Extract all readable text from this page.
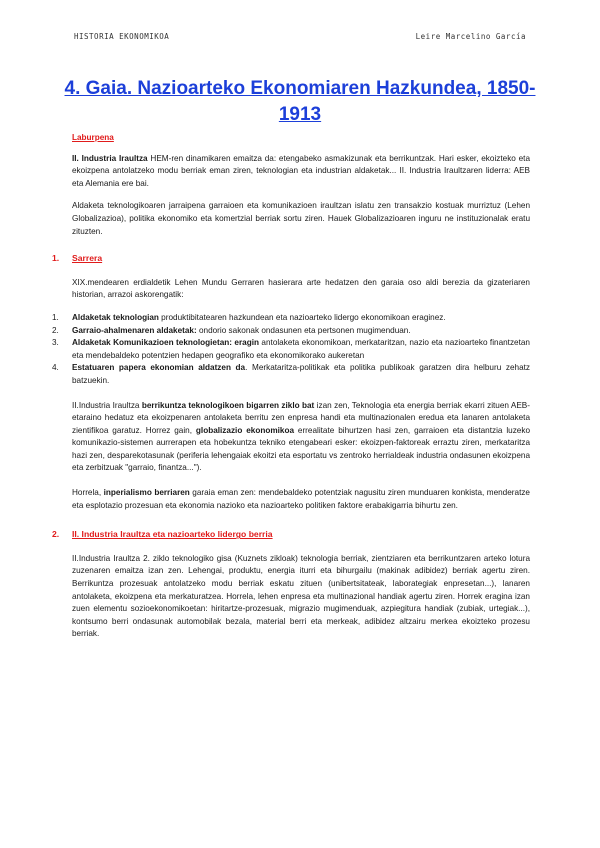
HISTORIA EKONOMIKOA	Leire Marcelino García
4. Gaia. Nazioarteko Ekonomiaren Hazkundea, 1850-1913

Laburpena

II. Industria Iraultza HEM-ren dinamikaren emaitza da: etengabeko asmakizunak eta berrikuntzak. Hari esker, ekoizteko eta ekoizpena antolatzeko modu berriak eman ziren, teknologian eta industrian aldaketak... II. Industria Iraultzaren liderra: AEB eta Alemania ere bai.

Aldaketa teknologikoaren jarraipena garraioen eta komunikazioen iraultzan islatu zen transakzio kostuak murriztuz (Lehen Globalizazioa), politika ekonomiko eta komertzial berriak sortu ziren. Hauek Globalizazioaren inguru ne instituzionalak eratu zituzten.

1. Sarrera

XIX.mendearen erdialdetik Lehen Mundu Gerraren hasierara arte hedatzen den garaia oso aldi berezia da gizateriaren historian, arrazoi askorengatik:

1. Aldaketak teknologian produktibitatearen hazkundean eta nazioarteko lidergo ekonomikoan eraginez.
2. Garraio-ahalmenaren aldaketak: ondorio sakonak ondasunen eta pertsonen mugimenduan.
3. Aldaketak Komunikazioen teknologietan: eragin antolaketa ekonomikoan, merkataritzan, nazio eta nazioarteko finantzetan eta mendebaldeko potentzien hedapen geografiko eta ekonomikorako aukeretan
4. Estatuaren papera ekonomian aldatzen da. Merkataritza-politikak eta politika publikoak garatzen dira helburu zehatz batzuekin.

II.Industria Iraultza berrikuntza teknologikoen bigarren ziklo bat izan zen, Teknologia eta energia berriak ekarri zituen AEB-etaraino hedatuz eta ekoizpenaren antolaketa berritu zen enpresa handi eta multinazionalen eredua eta lanaren antolaketa zientifikoa garatuz. Horrez gain, globalizazio ekonomikoa errealitate bihurtzen hasi zen, garraioen eta distantzia luzeko komunikazio-sistemen aurrerapen eta hobekuntza tekniko etengabeari esker: ekoizpen-faktoreak erraztu ziren, merkataritza hazi zen, desparekotasunak (periferia lehengaiak ekoitzi eta esportatu vs zentroko herrialdeak industria ondasunen ekoizpena eta zerbitzuak "garraio, finantza...").

Horrela, inperialismo berriaren garaia eman zen: mendebaldeko potentziak nagusitu ziren munduaren konkista, menderatze eta esplotazio prozesuan eta ekonomia nazioko eta nazioarteko politiken faktore erabakigarria bihurtu zen.

2. II. Industria Iraultza eta nazioarteko lidergo berria

II.Industria Iraultza 2. ziklo teknologiko gisa (Kuznets zikloak) teknologia berriak, zientziaren eta berrikuntzaren arteko lotura zuzenaren emaitza izan zen. Lehengai, produktu, energia iturri eta bihurgailu (makinak adibidez) berriak agertu ziren. Berrikuntza prozesuak antolatzeko modu berriak eskatu zituen (unibertsitateak, laborategiak enpresetan...), lanaren antolaketa, ekoizpena eta merkaturatzea. Horrela, lehen enpresa eta multinazional handiak agertu ziren. Horrek eragina izan zuen elementu sozioekonomikoetan: hiritartze-prozesuak, migrazio mugimenduak, azpiegitura handiak (zubiak, urtegiak...), kontsumo berri ondasunak automobilak bezala, material berri eta merkeak, adibidez altzairu merkea ekoizteko prozesu berriak.
